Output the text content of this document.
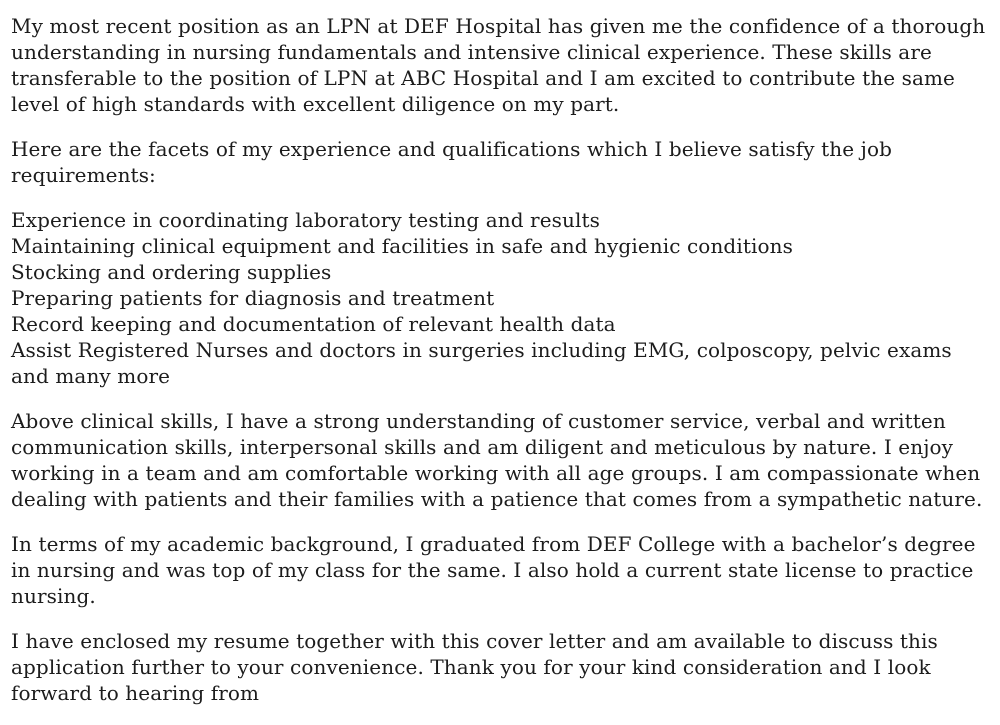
My most recent position as an LPN at DEF Hospital has given me the confidence of a thorough understanding in nursing fundamentals and intensive clinical experience. These skills are transferable to the position of LPN at ABC Hospital and I am excited to contribute the same level of high standards with excellent diligence on my part.

Here are the facets of my experience and qualifications which I believe satisfy the job requirements:

Experience in coordinating laboratory testing and results
Maintaining clinical equipment and facilities in safe and hygienic conditions
Stocking and ordering supplies
Preparing patients for diagnosis and treatment
Record keeping and documentation of relevant health data
Assist Registered Nurses and doctors in surgeries including EMG, colposcopy, pelvic exams and many more

Above clinical skills, I have a strong understanding of customer service, verbal and written communication skills, interpersonal skills and am diligent and meticulous by nature. I enjoy working in a team and am comfortable working with all age groups. I am compassionate when dealing with patients and their families with a patience that comes from a sympathetic nature.

In terms of my academic background, I graduated from DEF College with a bachelor’s degree in nursing and was top of my class for the same. I also hold a current state license to practice nursing.

I have enclosed my resume together with this cover letter and am available to discuss this application further to your convenience. Thank you for your kind consideration and I look forward to hearing from
